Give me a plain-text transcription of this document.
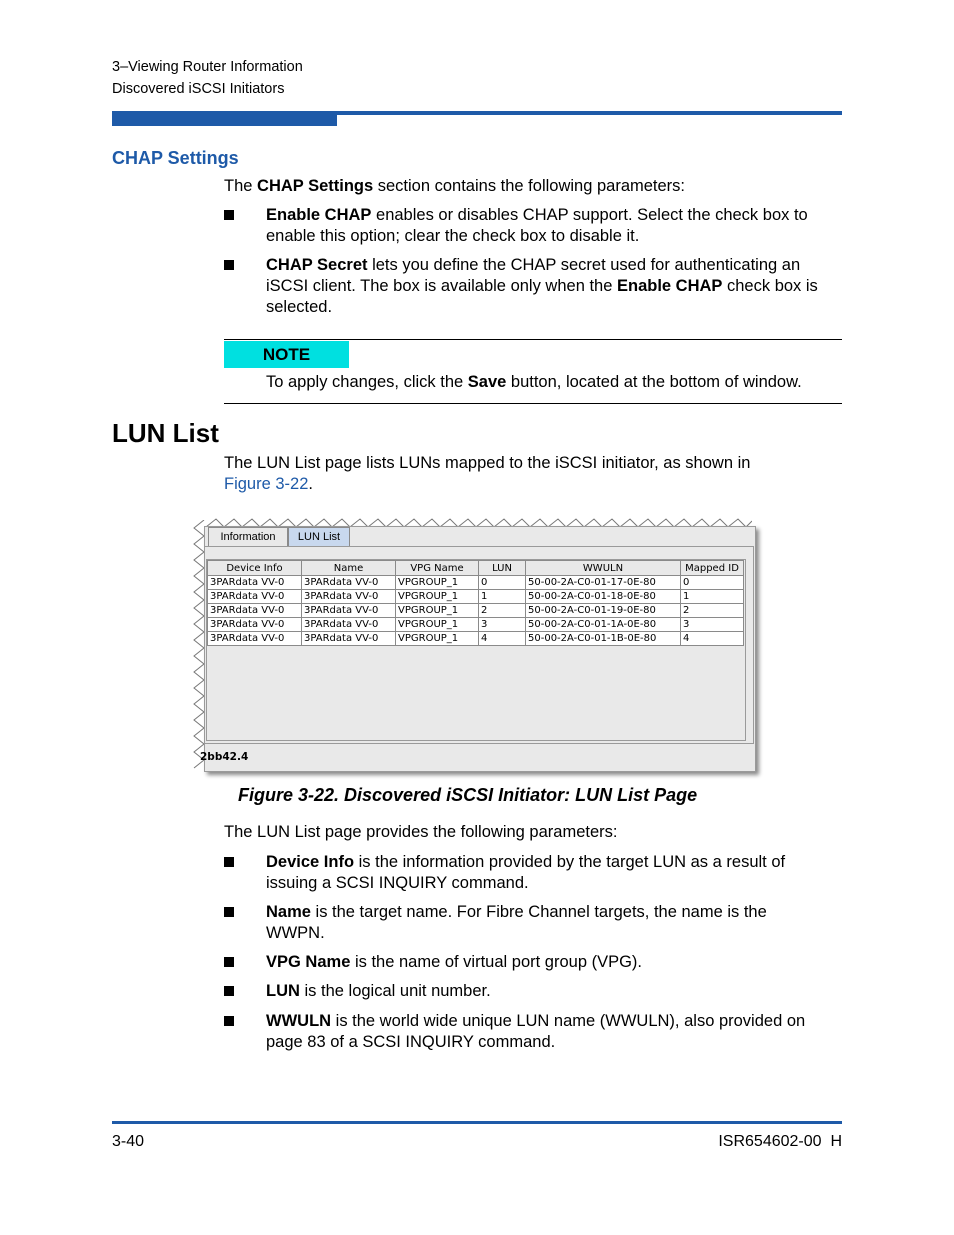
3–Viewing Router Information
Discovered iSCSI Initiators
CHAP Settings
The CHAP Settings section contains the following parameters:
Enable CHAP enables or disables CHAP support. Select the check box to
enable this option; clear the check box to disable it.
CHAP Secret lets you define the CHAP secret used for authenticating an
iSCSI client. The box is available only when the Enable CHAP check box is
selected.
NOTE
To apply changes, click the Save button, located at the bottom of window.
LUN List
The LUN List page lists LUNs mapped to the iSCSI initiator, as shown in
Figure 3-22.
Information	LUN List
Device Info	Name	VPG Name	LUN	WWULN	Mapped ID
3PARdata VV-0	3PARdata VV-0	VPGROUP_1	0	50-00-2A-C0-01-17-0E-80	0
3PARdata VV-0	3PARdata VV-0	VPGROUP_1	1	50-00-2A-C0-01-18-0E-80	1
3PARdata VV-0	3PARdata VV-0	VPGROUP_1	2	50-00-2A-C0-01-19-0E-80	2
3PARdata VV-0	3PARdata VV-0	VPGROUP_1	3	50-00-2A-C0-01-1A-0E-80	3
3PARdata VV-0	3PARdata VV-0	VPGROUP_1	4	50-00-2A-C0-01-1B-0E-80	4
2bb42.4
Figure 3-22. Discovered iSCSI Initiator: LUN List Page
The LUN List page provides the following parameters:
Device Info is the information provided by the target LUN as a result of
issuing a SCSI INQUIRY command.
Name is the target name. For Fibre Channel targets, the name is the
WWPN.
VPG Name is the name of virtual port group (VPG).
LUN is the logical unit number.
WWULN is the world wide unique LUN name (WWULN), also provided on
page 83 of a SCSI INQUIRY command.
3-40	ISR654602-00  H
